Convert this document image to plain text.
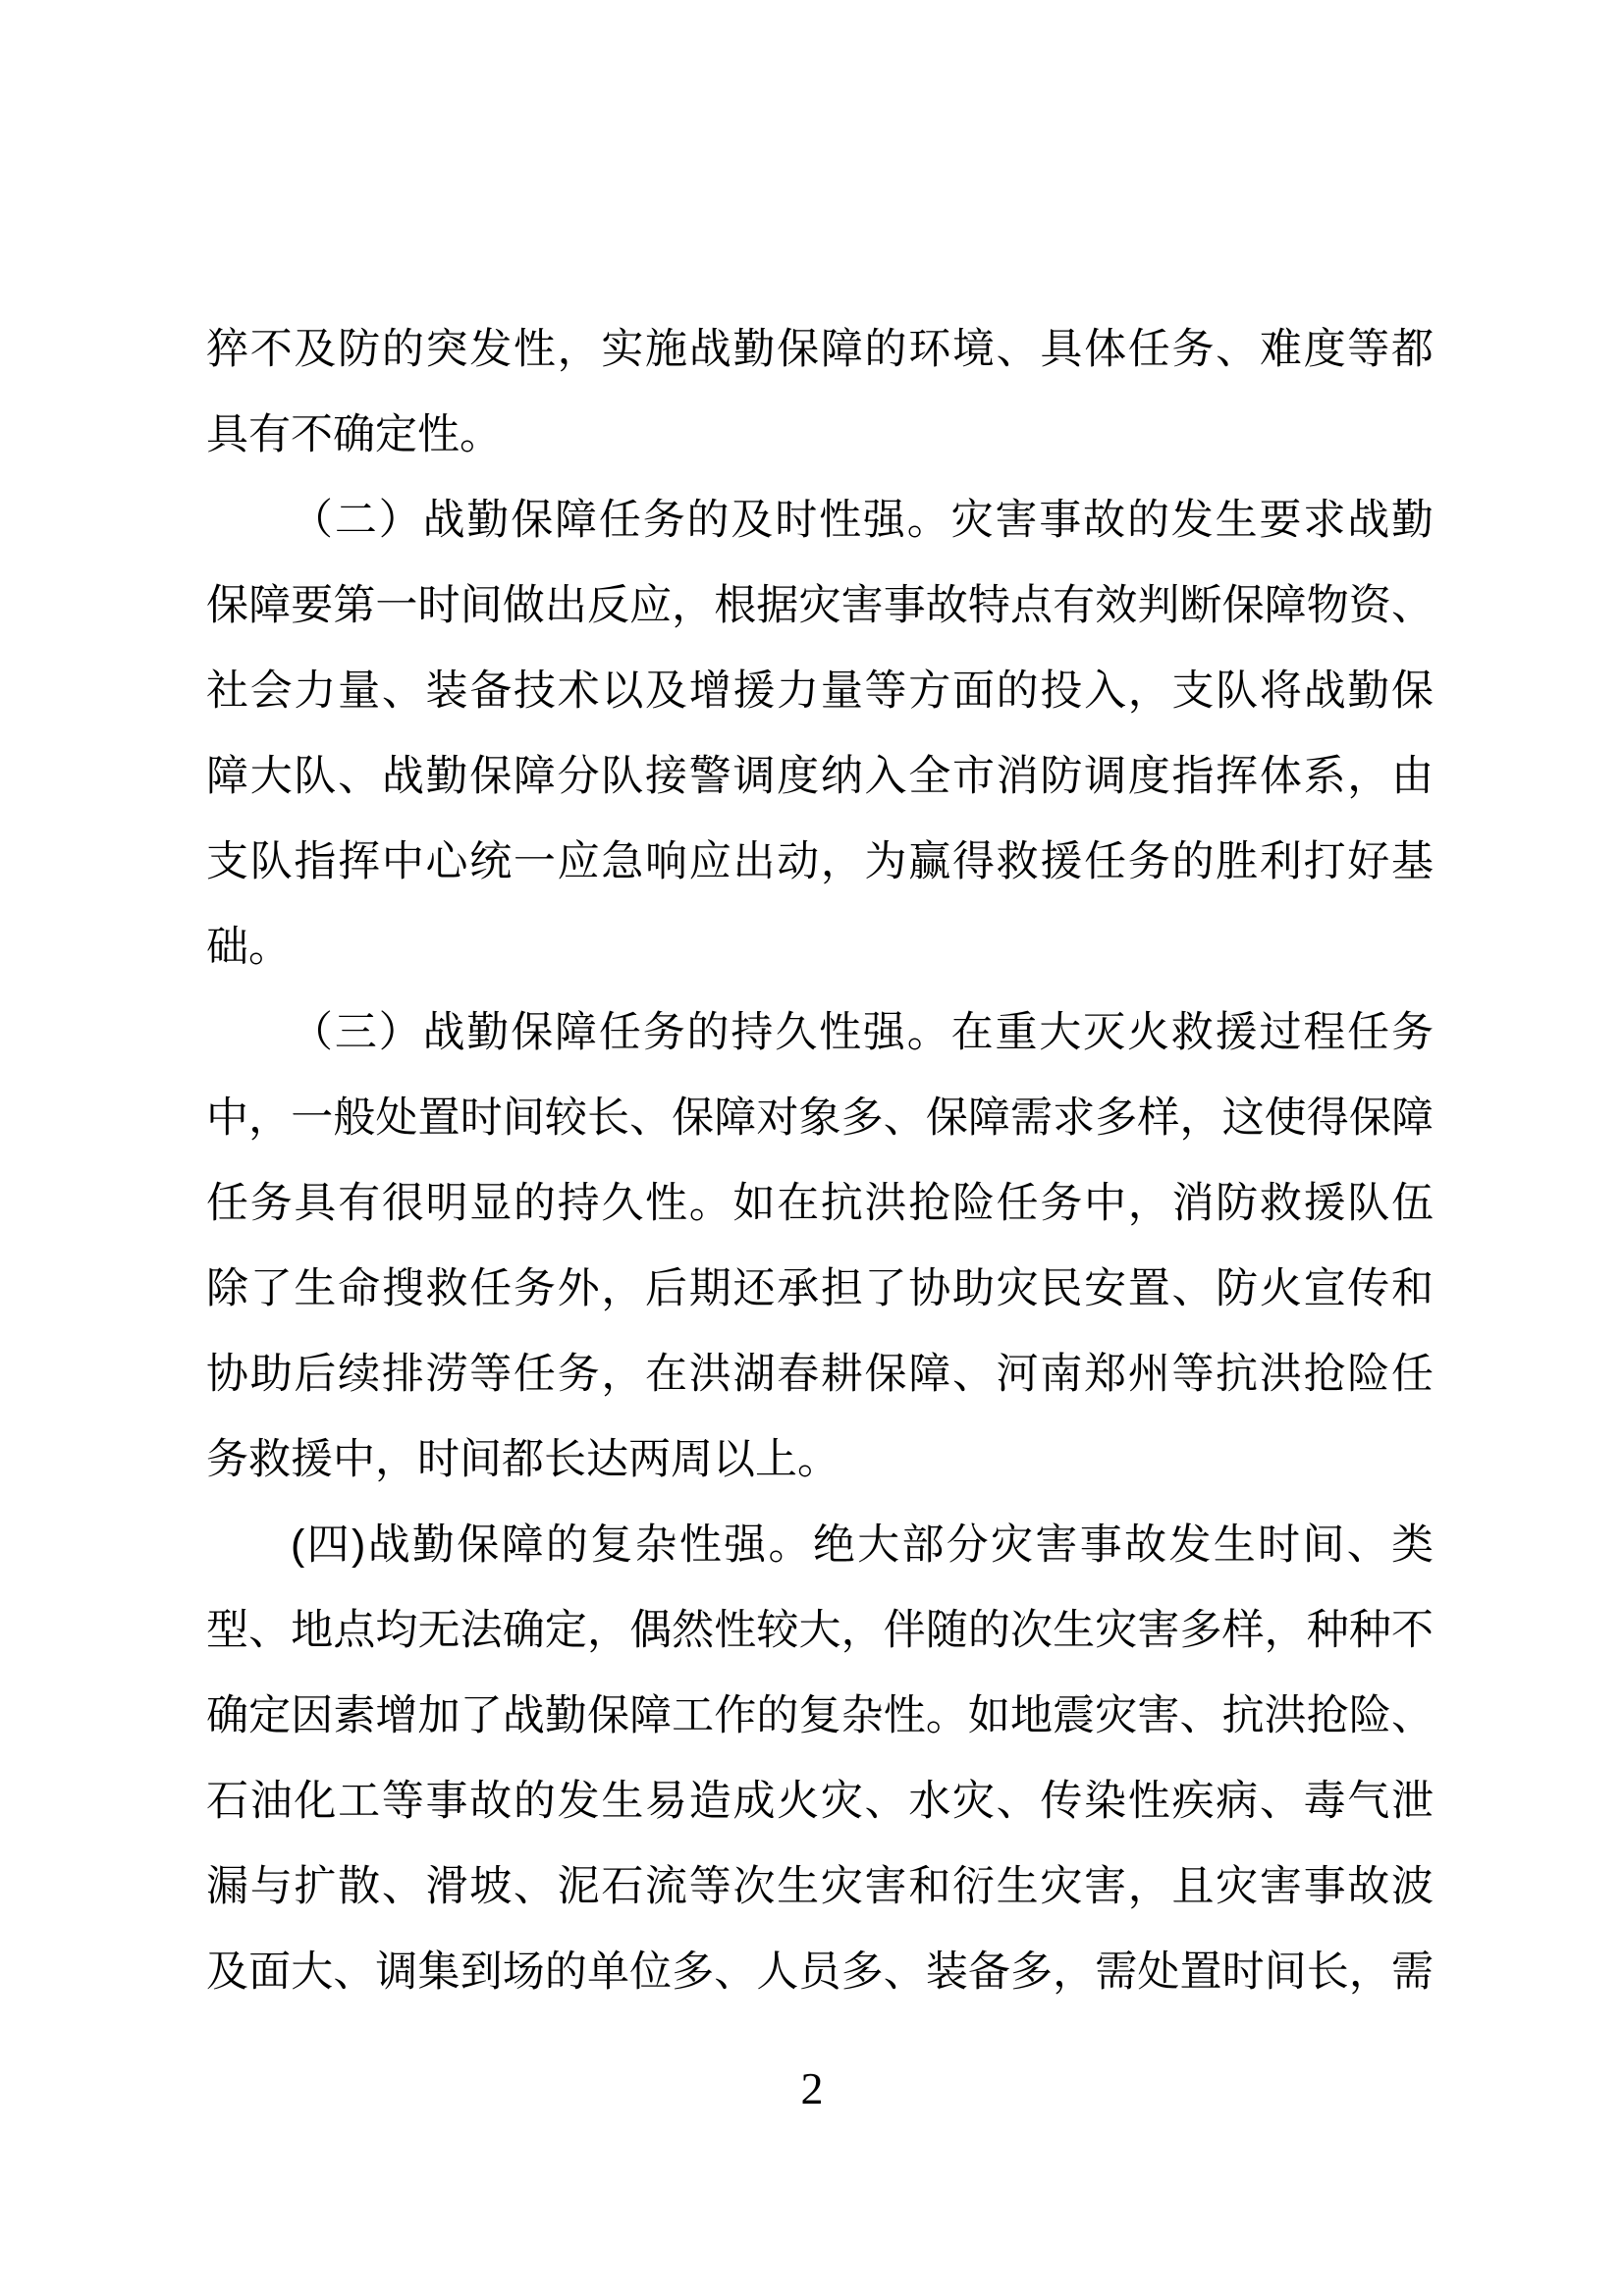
猝不及防的突发性，实施战勤保障的环境、具体任务、难度等都
具有不确定性。
（二）战勤保障任务的及时性强。灾害事故的发生要求战勤
保障要第一时间做出反应，根据灾害事故特点有效判断保障物资、
社会力量、装备技术以及增援力量等方面的投入，支队将战勤保
障大队、战勤保障分队接警调度纳入全市消防调度指挥体系，由
支队指挥中心统一应急响应出动，为赢得救援任务的胜利打好基
础。
（三）战勤保障任务的持久性强。在重大灭火救援过程任务
中，一般处置时间较长、保障对象多、保障需求多样，这使得保障
任务具有很明显的持久性。如在抗洪抢险任务中，消防救援队伍
除了生命搜救任务外，后期还承担了协助灾民安置、防火宣传和
协助后续排涝等任务，在洪湖春耕保障、河南郑州等抗洪抢险任
务救援中，时间都长达两周以上。
(四)战勤保障的复杂性强。绝大部分灾害事故发生时间、类
型、地点均无法确定，偶然性较大，伴随的次生灾害多样，种种不
确定因素增加了战勤保障工作的复杂性。如地震灾害、抗洪抢险、
石油化工等事故的发生易造成火灾、水灾、传染性疾病、毒气泄
漏与扩散、滑坡、泥石流等次生灾害和衍生灾害，且灾害事故波
及面大、调集到场的单位多、人员多、装备多，需处置时间长，需
2
